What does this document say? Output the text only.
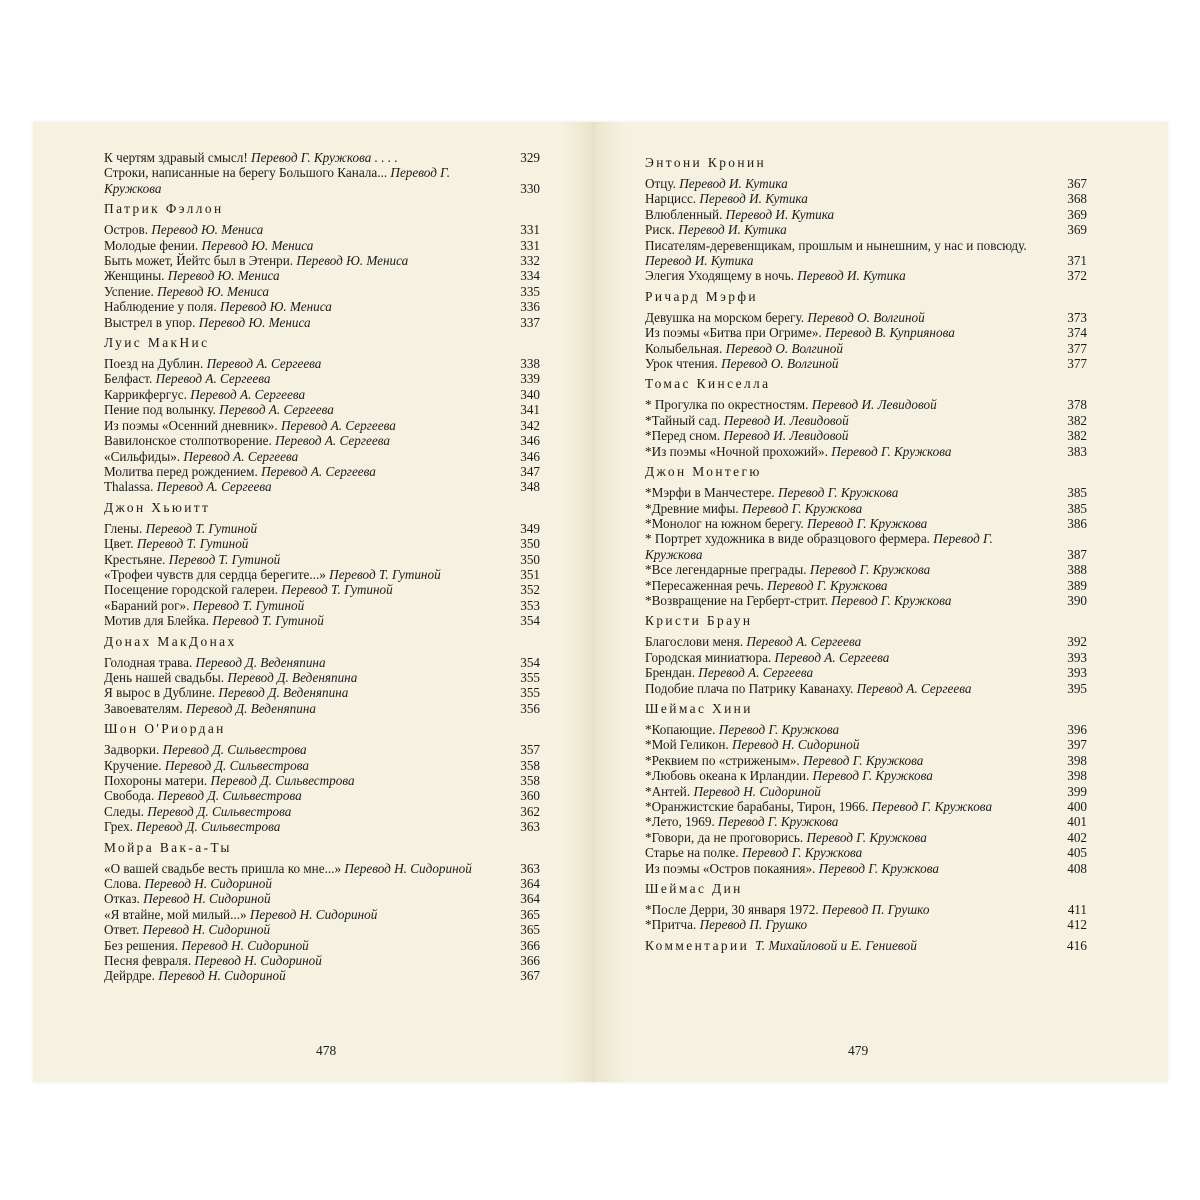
К чертям здравый смысл! Перевод Г. Кружкова . . . .	329
Строки, написанные на берегу Большого Канала... Перевод Г. Кружкова	330
Патрик Фэллон
Остров. Перевод Ю. Мениса	331
Молодые фении. Перевод Ю. Мениса	331
Быть может, Йейтс был в Этенри. Перевод Ю. Мениса	332
Женщины. Перевод Ю. Мениса	334
Успение. Перевод Ю. Мениса	335
Наблюдение у поля. Перевод Ю. Мениса	336
Выстрел в упор. Перевод Ю. Мениса	337
Луис МакНис
Поезд на Дублин. Перевод А. Сергеева	338
Белфаст. Перевод А. Сергеева	339
Каррикфергус. Перевод А. Сергеева	340
Пение под волынку. Перевод А. Сергеева	341
Из поэмы «Осенний дневник». Перевод А. Сергеева	342
Вавилонское столпотворение. Перевод А. Сергеева	346
«Сильфиды». Перевод А. Сергеева	346
Молитва перед рождением. Перевод А. Сергеева	347
Thalassa. Перевод А. Сергеева	348
Джон Хьюитт
Глены. Перевод Т. Гутиной	349
Цвет. Перевод Т. Гутиной	350
Крестьяне. Перевод Т. Гутиной	350
«Трофеи чувств для сердца берегите...» Перевод Т. Гутиной	351
Посещение городской галереи. Перевод Т. Гутиной	352
«Бараний рог». Перевод Т. Гутиной	353
Мотив для Блейка. Перевод Т. Гутиной	354
Донах МакДонах
Голодная трава. Перевод Д. Веденяпина	354
День нашей свадьбы. Перевод Д. Веденяпина	355
Я вырос в Дублине. Перевод Д. Веденяпина	355
Завоевателям. Перевод Д. Веденяпина	356
Шон О'Риордан
Задворки. Перевод Д. Сильвестрова	357
Кручение. Перевод Д. Сильвестрова	358
Похороны матери. Перевод Д. Сильвестрова	358
Свобода. Перевод Д. Сильвестрова	360
Следы. Перевод Д. Сильвестрова	362
Грех. Перевод Д. Сильвестрова	363
Мойра Вак-а-Ты
«О вашей свадьбе весть пришла ко мне...» Перевод Н. Сидориной	363
Слова. Перевод Н. Сидориной	364
Отказ. Перевод Н. Сидориной	364
«Я втайне, мой милый...» Перевод Н. Сидориной	365
Ответ. Перевод Н. Сидориной	365
Без решения. Перевод Н. Сидориной	366
Песня февраля. Перевод Н. Сидориной	366
Дейрдре. Перевод Н. Сидориной	367
Энтони Кронин
Отцу. Перевод И. Кутика	367
Нарцисс. Перевод И. Кутика	368
Влюбленный. Перевод И. Кутика	369
Риск. Перевод И. Кутика	369
Писателям-деревенщикам, прошлым и нынешним, у нас и повсюду. Перевод И. Кутика	371
Элегия Уходящему в ночь. Перевод И. Кутика	372
Ричард Мэрфи
Девушка на морском берегу. Перевод О. Волгиной	373
Из поэмы «Битва при Огриме». Перевод В. Куприянова	374
Колыбельная. Перевод О. Волгиной	377
Урок чтения. Перевод О. Волгиной	377
Томас Кинселла
* Прогулка по окрестностям. Перевод И. Левидовой	378
*Тайный сад. Перевод И. Левидовой	382
*Перед сном. Перевод И. Левидовой	382
*Из поэмы «Ночной прохожий». Перевод Г. Кружкова	383
Джон Монтегю
*Мэрфи в Манчестере. Перевод Г. Кружкова	385
*Древние мифы. Перевод Г. Кружкова	385
*Монолог на южном берегу. Перевод Г. Кружкова	386
* Портрет художника в виде образцового фермера. Перевод Г. Кружкова	387
*Все легендарные преграды. Перевод Г. Кружкова	388
*Пересаженная речь. Перевод Г. Кружкова	389
*Возвращение на Герберт-стрит. Перевод Г. Кружкова	390
Кристи Браун
Благослови меня. Перевод А. Сергеева	392
Городская миниатюра. Перевод А. Сергеева	393
Брендан. Перевод А. Сергеева	393
Подобие плача по Патрику Каванаху. Перевод А. Сергеева	395
Шеймас Хини
*Копающие. Перевод Г. Кружкова	396
*Мой Геликон. Перевод Н. Сидориной	397
*Реквием по «стриженым». Перевод Г. Кружкова	398
*Любовь океана к Ирландии. Перевод Г. Кружкова	398
*Антей. Перевод Н. Сидориной	399
*Оранжистские барабаны, Тирон, 1966. Перевод Г. Кружкова	400
*Лето, 1969. Перевод Г. Кружкова	401
*Говори, да не проговорись. Перевод Г. Кружкова	402
Старье на полке. Перевод Г. Кружкова	405
Из поэмы «Остров покаяния». Перевод Г. Кружкова	408
Шеймас Дин
*После Дерри, 30 января 1972. Перевод П. Грушко	411
*Притча. Перевод П. Грушко	412
Комментарии Т. Михайловой и Е. Гениевой	416
478	479
